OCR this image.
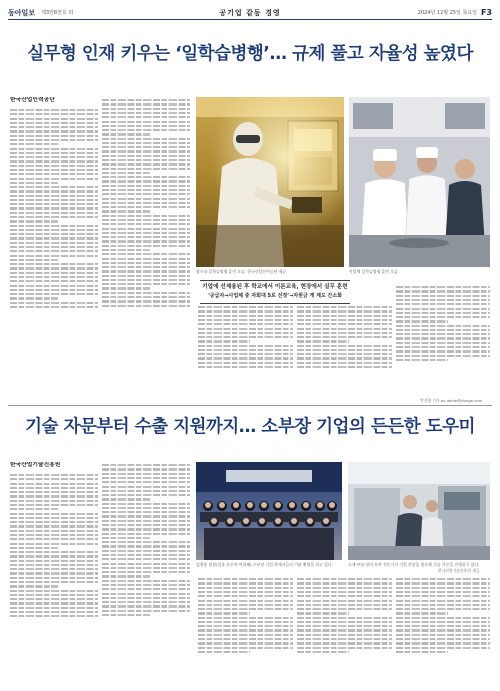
동아일보 제3만8천호 외	공기업 같동 경영	2024년 12월 25일 목요일 F3
실무형 인재 키우는 ‘일학습병행’… 규제 풀고 자율성 높였다
한국산업인력공단
광주과 일학습병행 훈련 모습. 한국산업인력공단 제공	사업체 일학습병행 훈련 모습.
기업에 선제융된 후 학교에서 이론교육, 현장에서 실무 훈련
‘공급자→사업체 중 자회대 5로 선정’→자원금 게 계도 간소화
박지영 기자 ex.dahm@donga.com
기술 자문부터 수출 지원까지… 소부장 기업의 든든한 도우미
한국산업기술진흥원
김정윤 원장(앞줄 오른쪽 여섯째) 소부장 기업 관계자들이 기념 촬영을 하고 있다.	소재·부품·장비 분야 전문가가 기업 현장을 방문해 기술 자문을 진행하고 있다.
한국산업기술진흥원 제공
